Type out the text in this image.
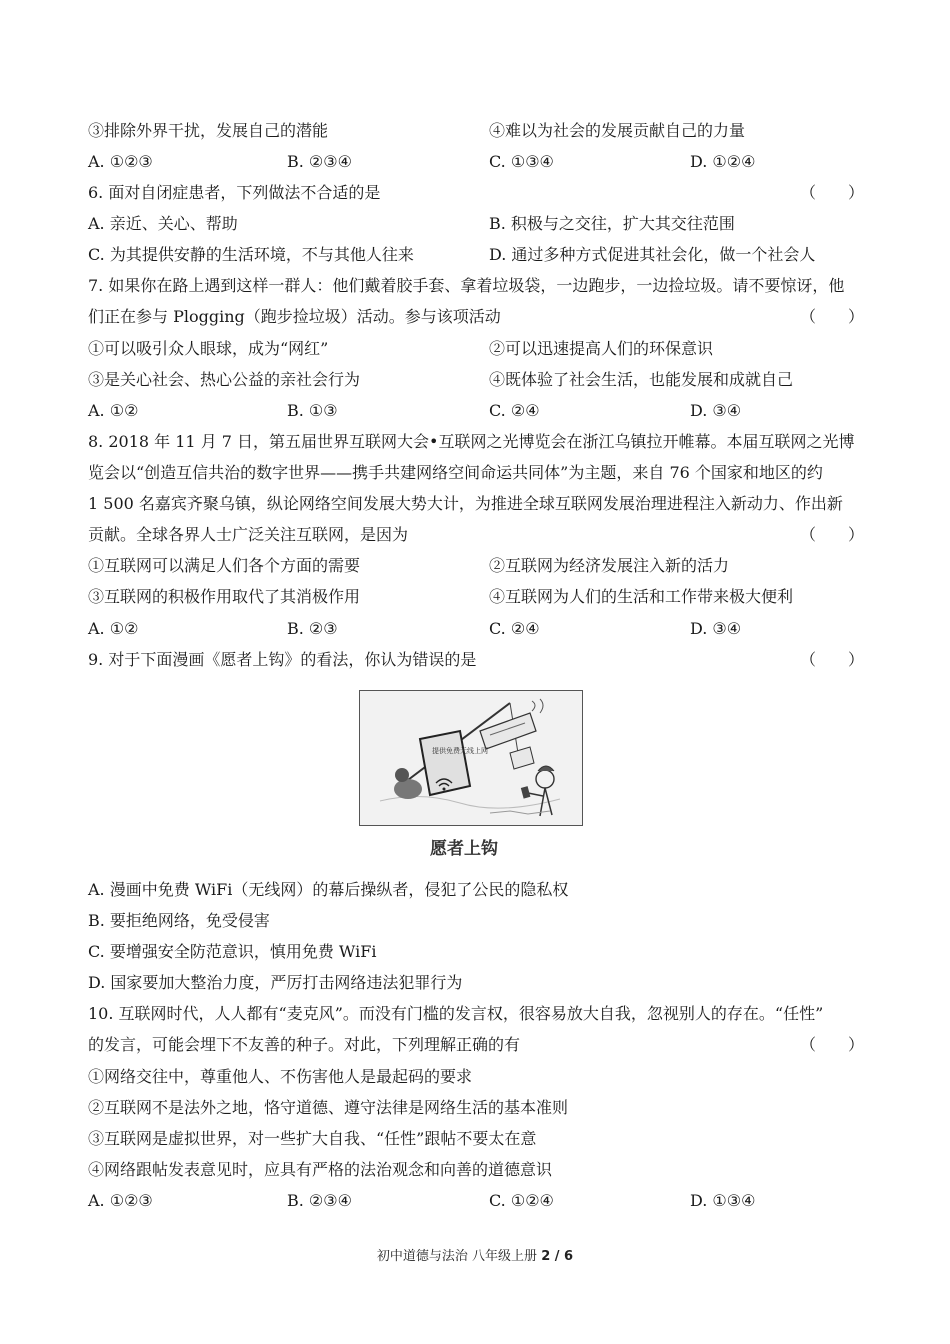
③排除外界干扰，发展自己的潜能	④难以为社会的发展贡献自己的力量
A. ①②③	B. ②③④	C. ①③④	D. ①②④
6. 面对自闭症患者，下列做法不合适的是	（　　）
A. 亲近、关心、帮助	B. 积极与之交往，扩大其交往范围
C. 为其提供安静的生活环境，不与其他人往来	D. 通过多种方式促进其社会化，做一个社会人
7. 如果你在路上遇到这样一群人：他们戴着胶手套、拿着垃圾袋，一边跑步，一边捡垃圾。请不要惊讶，他
们正在参与 Plogging（跑步捡垃圾）活动。参与该项活动	（　　）
①可以吸引众人眼球，成为“网红”	②可以迅速提高人们的环保意识
③是关心社会、热心公益的亲社会行为	④既体验了社会生活，也能发展和成就自己
A. ①②	B. ①③	C. ②④	D. ③④
8. 2018 年 11 月 7 日，第五届世界互联网大会•互联网之光博览会在浙江乌镇拉开帷幕。本届互联网之光博
览会以“创造互信共治的数字世界——携手共建网络空间命运共同体”为主题，来自 76 个国家和地区的约
1 500 名嘉宾齐聚乌镇，纵论网络空间发展大势大计，为推进全球互联网发展治理进程注入新动力、作出新
贡献。全球各界人士广泛关注互联网，是因为	（　　）
①互联网可以满足人们各个方面的需要	②互联网为经济发展注入新的活力
③互联网的积极作用取代了其消极作用	④互联网为人们的生活和工作带来极大便利
A. ①②	B. ②③	C. ②④	D. ③④
9. 对于下面漫画《愿者上钩》的看法，你认为错误的是	（　　）
提供免费无线上网
愿者上钩
A. 漫画中免费 WiFi（无线网）的幕后操纵者，侵犯了公民的隐私权
B. 要拒绝网络，免受侵害
C. 要增强安全防范意识，慎用免费 WiFi
D. 国家要加大整治力度，严厉打击网络违法犯罪行为
10. 互联网时代，人人都有“麦克风”。而没有门槛的发言权，很容易放大自我，忽视别人的存在。“任性”
的发言，可能会埋下不友善的种子。对此，下列理解正确的有	（　　）
①网络交往中，尊重他人、不伤害他人是最起码的要求
②互联网不是法外之地，恪守道德、遵守法律是网络生活的基本准则
③互联网是虚拟世界，对一些扩大自我、“任性”跟帖不要太在意
④网络跟帖发表意见时，应具有严格的法治观念和向善的道德意识
A. ①②③	B. ②③④	C. ①②④	D. ①③④
初中道德与法治 八年级上册 2 / 6
